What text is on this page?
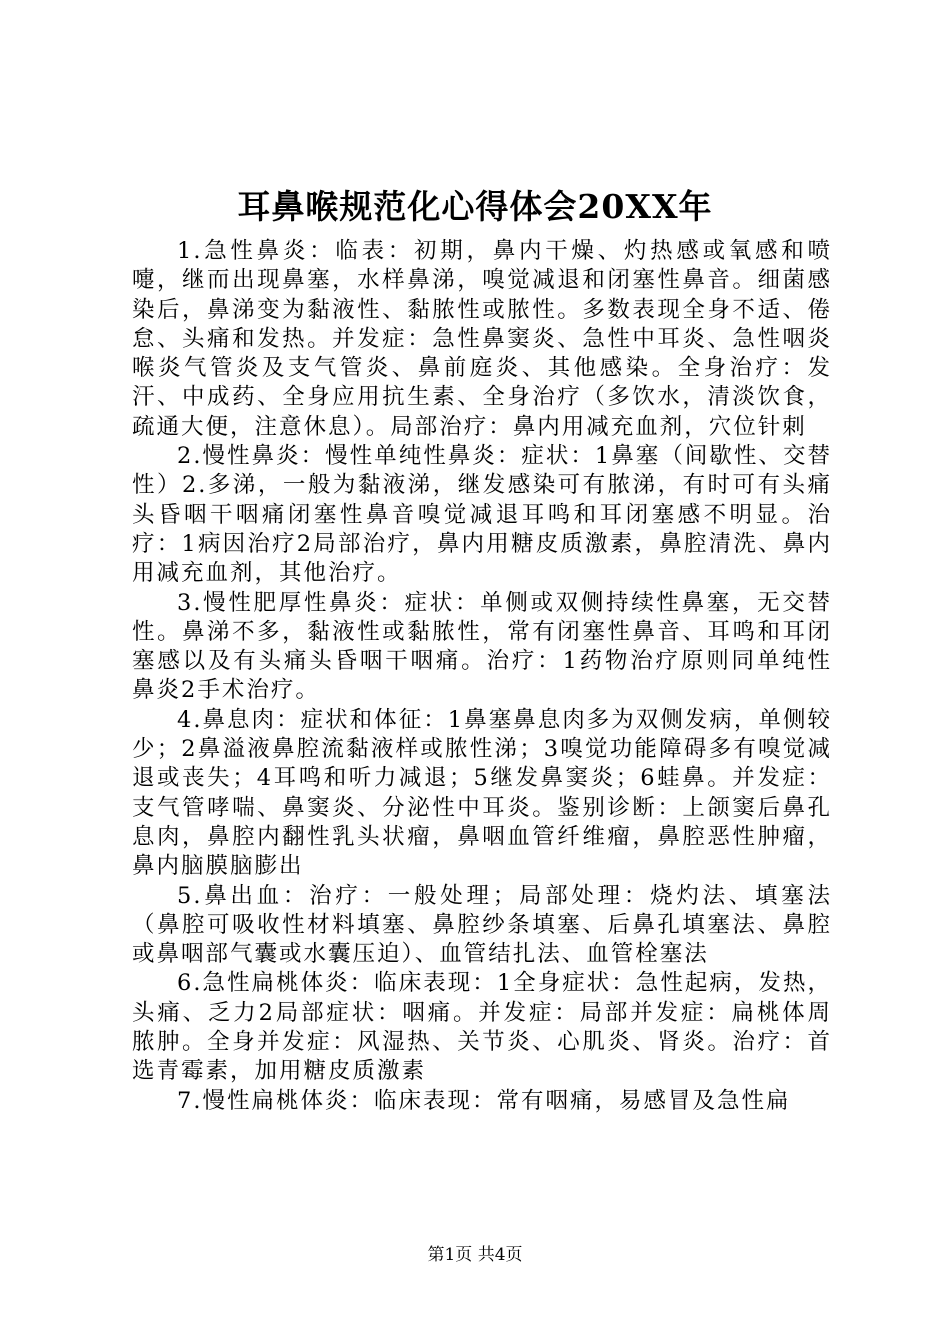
耳鼻喉规范化心得体会20XX年

1.急性鼻炎：临表：初期，鼻内干燥、灼热感或氧感和喷嚏，继而出现鼻塞，水样鼻涕，嗅觉减退和闭塞性鼻音。细菌感染后，鼻涕变为黏液性、黏脓性或脓性。多数表现全身不适、倦怠、头痛和发热。并发症：急性鼻窦炎、急性中耳炎、急性咽炎喉炎气管炎及支气管炎、鼻前庭炎、其他感染。全身治疗：发汗、中成药、全身应用抗生素、全身治疗（多饮水，清淡饮食，疏通大便，注意休息）。局部治疗：鼻内用减充血剂，穴位针刺

2.慢性鼻炎：慢性单纯性鼻炎：症状：1鼻塞（间歇性、交替性）2.多涕，一般为黏液涕，继发感染可有脓涕，有时可有头痛头昏咽干咽痛闭塞性鼻音嗅觉减退耳鸣和耳闭塞感不明显。治疗：1病因治疗2局部治疗，鼻内用糖皮质激素，鼻腔清洗、鼻内用减充血剂，其他治疗。

3.慢性肥厚性鼻炎：症状：单侧或双侧持续性鼻塞，无交替性。鼻涕不多，黏液性或黏脓性，常有闭塞性鼻音、耳鸣和耳闭塞感以及有头痛头昏咽干咽痛。治疗：1药物治疗原则同单纯性鼻炎2手术治疗。

4.鼻息肉：症状和体征：1鼻塞鼻息肉多为双侧发病，单侧较少；2鼻溢液鼻腔流黏液样或脓性涕；3嗅觉功能障碍多有嗅觉减退或丧失；4耳鸣和听力减退；5继发鼻窦炎；6蛙鼻。并发症：支气管哮喘、鼻窦炎、分泌性中耳炎。鉴别诊断：上颌窦后鼻孔息肉，鼻腔内翻性乳头状瘤，鼻咽血管纤维瘤，鼻腔恶性肿瘤，鼻内脑膜脑膨出

5.鼻出血：治疗：一般处理；局部处理：烧灼法、填塞法（鼻腔可吸收性材料填塞、鼻腔纱条填塞、后鼻孔填塞法、鼻腔或鼻咽部气囊或水囊压迫）、血管结扎法、血管栓塞法

6.急性扁桃体炎：临床表现：1全身症状：急性起病，发热，头痛、乏力2局部症状：咽痛。并发症：局部并发症：扁桃体周脓肿。全身并发症：风湿热、关节炎、心肌炎、肾炎。治疗：首选青霉素，加用糖皮质激素

7.慢性扁桃体炎：临床表现：常有咽痛，易感冒及急性扁

第1页 共4页
